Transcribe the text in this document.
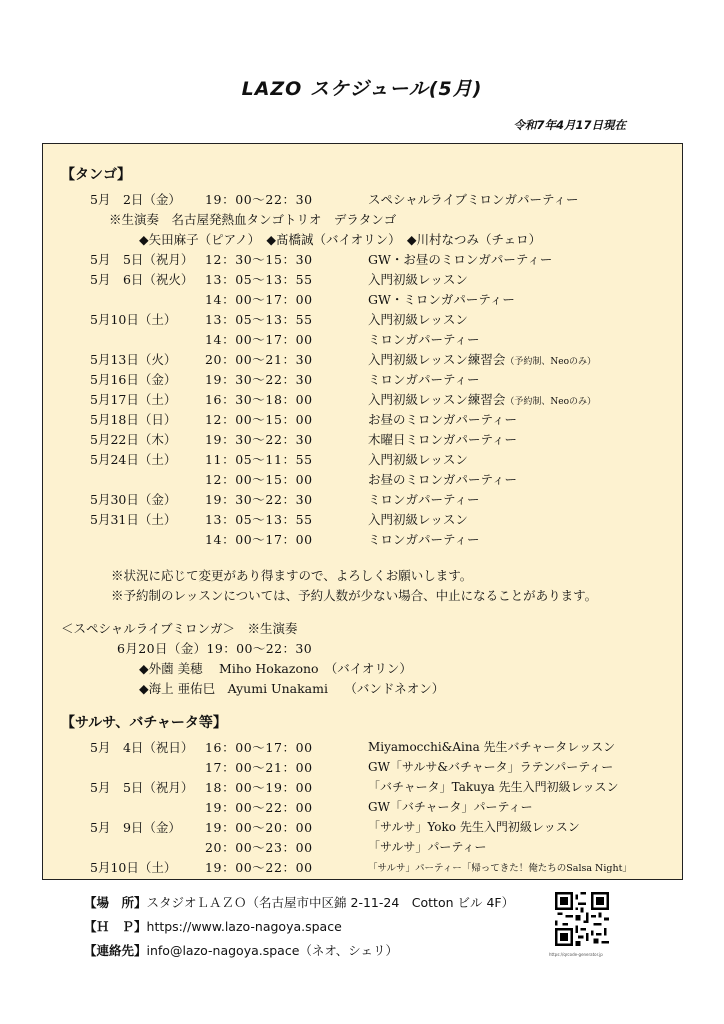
LAZO スケジュール(5月)
令和7年4月17日現在
【タンゴ】
5月　2日（金） 19：00～22：30	スペシャルライブミロンガパーティー
※生演奏　名古屋発熱血タンゴトリオ　デラタンゴ
◆矢田麻子（ピアノ）　◆髙橋誠（バイオリン）　◆川村なつみ（チェロ）
5月　5日（祝月） 12：30～15：30	GW・お昼のミロンガパーティー
5月　6日（祝火） 13：05～13：55	入門初級レッスン
14：00～17：00	GW・ミロンガパーティー
5月10日（土） 13：05～13：55	入門初級レッスン
14：00～17：00	ミロンガパーティー
5月13日（火） 20：00～21：30	入門初級レッスン練習会（予約制、Neoのみ）
5月16日（金） 19：30～22：30	ミロンガパーティー
5月17日（土） 16：30～18：00	入門初級レッスン練習会（予約制、Neoのみ）
5月18日（日） 12：00～15：00	お昼のミロンガパーティー
5月22日（木） 19：30～22：30	木曜日ミロンガパーティー
5月24日（土） 11：05～11：55	入門初級レッスン
12：00～15：00	お昼のミロンガパーティー
5月30日（金） 19：30～22：30	ミロンガパーティー
5月31日（土） 13：05～13：55	入門初級レッスン
14：00～17：00	ミロンガパーティー
※状況に応じて変更があり得ますので、よろしくお願いします。
※予約制のレッスンについては、予約人数が少ない場合、中止になることがあります。
＜スペシャルライブミロンガ＞　※生演奏
6月20日（金）19：00～22：30
◆外薗 美穂　 Miho Hokazono　（バイオリン）
◆海上 亜佑巳　Ayumi Unakami　 （バンドネオン）
【サルサ、バチャータ等】
5月　4日（祝日） 16：00～17：00	Miyamocchi&Aina 先生バチャータレッスン
17：00～21：00	GW「サルサ&バチャータ」ラテンパーティー
5月　5日（祝月） 18：00～19：00	「バチャータ」Takuya 先生入門初級レッスン
19：00～22：00	GW「バチャータ」パーティー
5月　9日（金） 19：00～20：00	「サルサ」Yoko 先生入門初級レッスン
20：00～23：00	「サルサ」パーティー
5月10日（土） 19：00～22：00	「サルサ」パーティー「帰ってきた！俺たちのSalsa Night」
【場　所】スタジオＬＡＺＯ（名古屋市中区錦 2-11-24　Cotton ビル 4F）
【Ｈ　Ｐ】https://www.lazo-nagoya.space
【連絡先】info@lazo-nagoya.space（ネオ、シェリ）	https://qrcode-generator.jp
